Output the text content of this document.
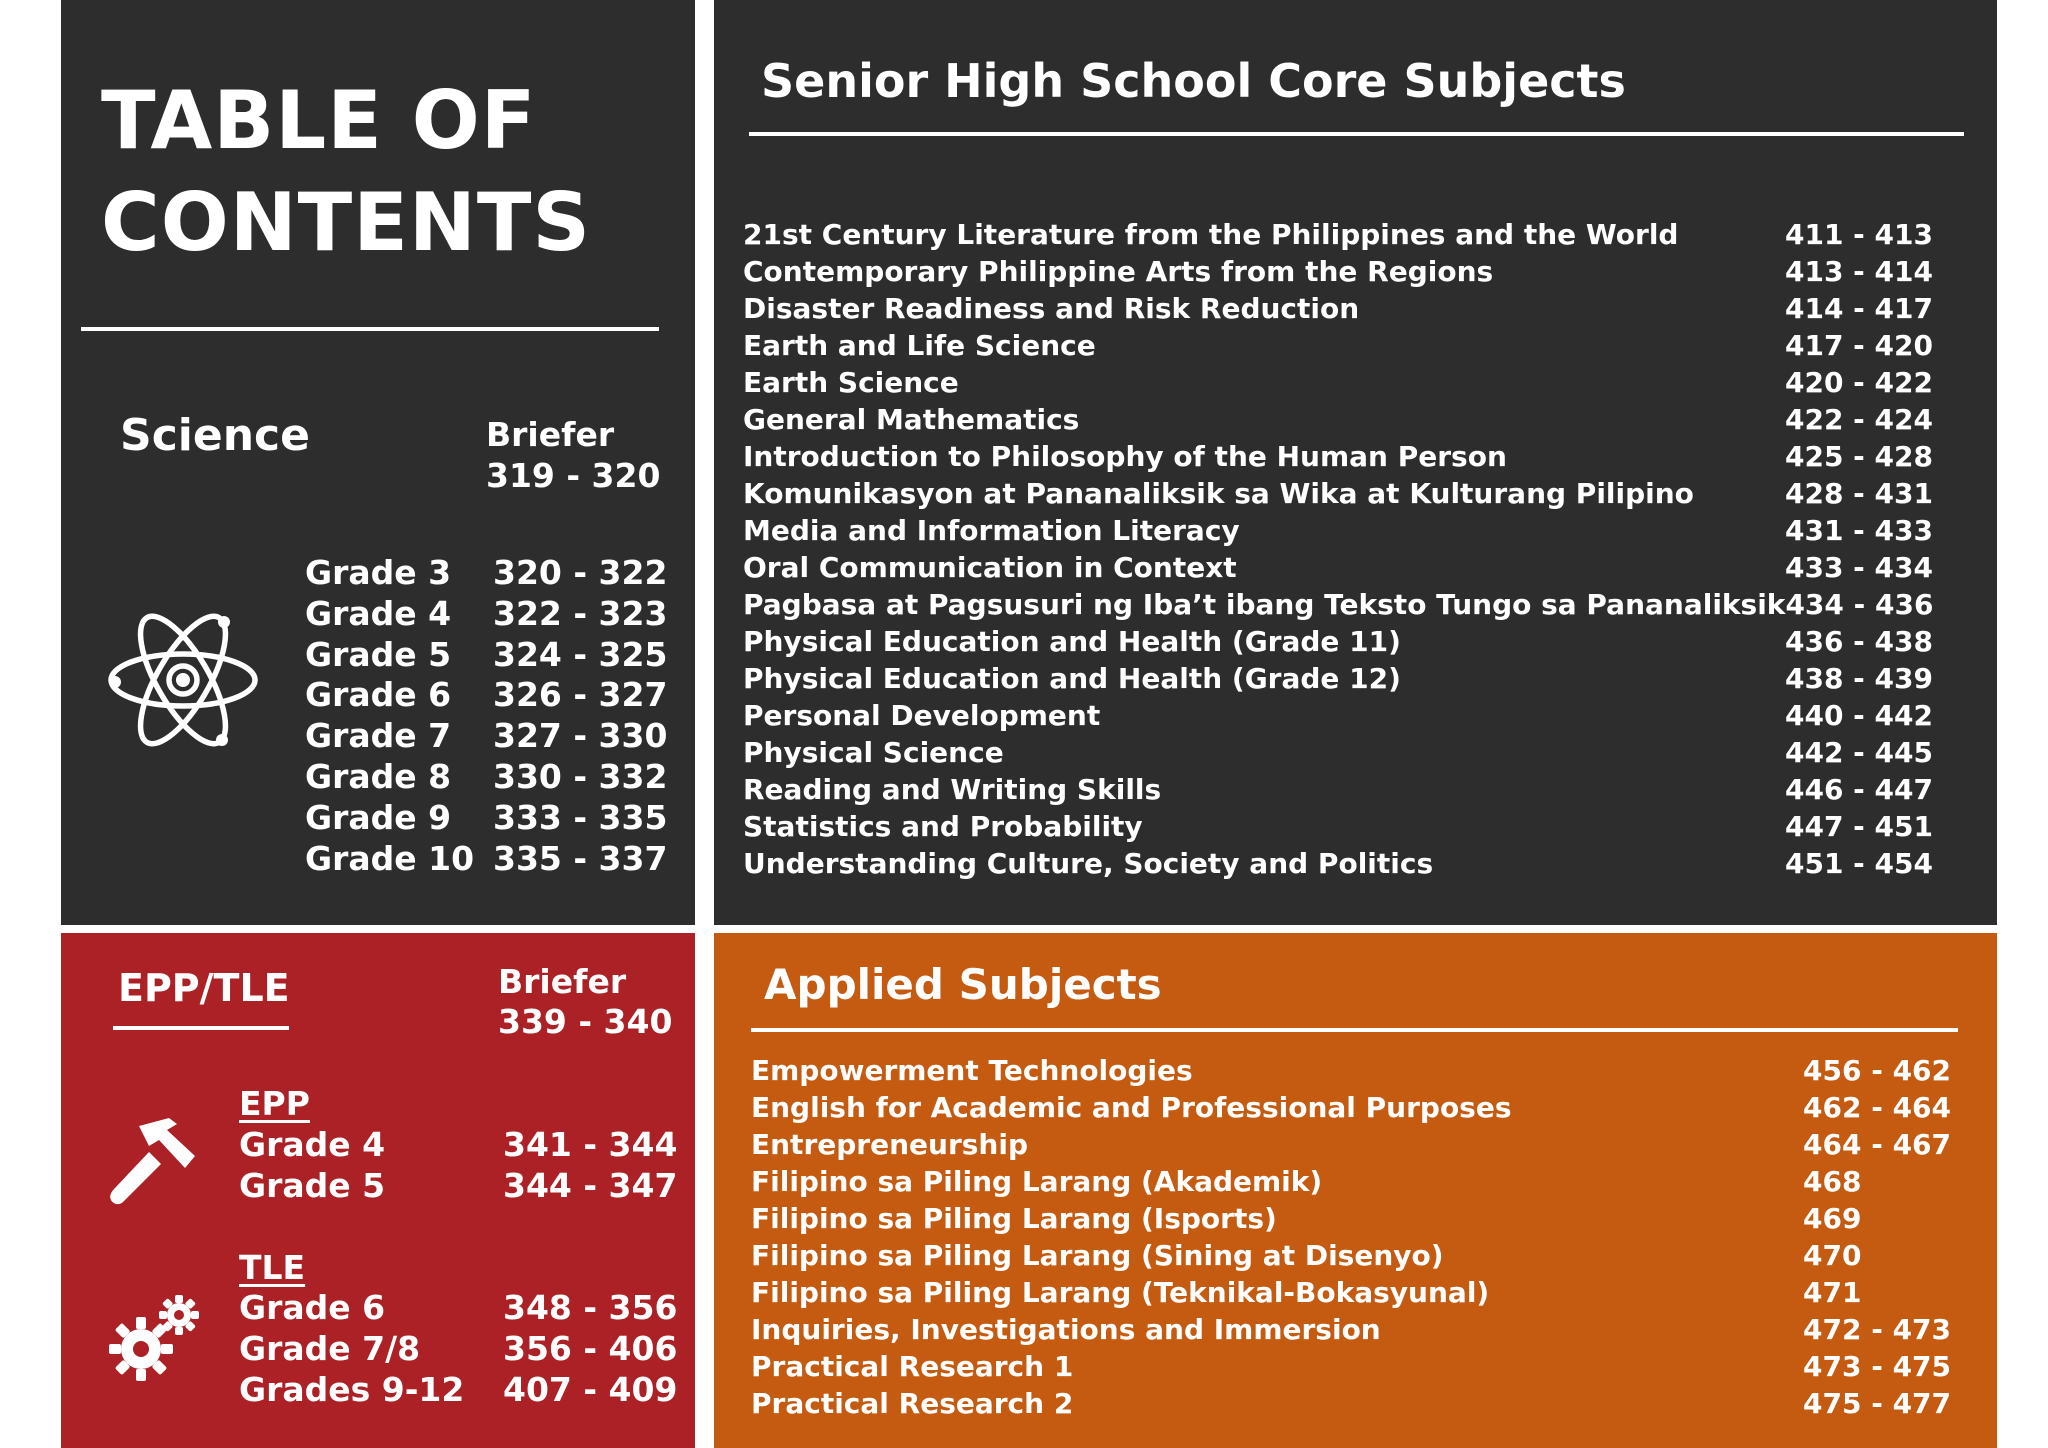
TABLE OF
CONTENTS
Science	Briefer
319 - 320
Grade 3	320 - 322
Grade 4	322 - 323
Grade 5	324 - 325
Grade 6	326 - 327
Grade 7	327 - 330
Grade 8	330 - 332
Grade 9	333 - 335
Grade 10 335 - 337
Senior High School Core Subjects
21st Century Literature from the Philippines and the World	411 - 413
Contemporary Philippine Arts from the Regions	413 - 414
Disaster Readiness and Risk Reduction	414 - 417
Earth and Life Science	417 - 420
Earth Science	420 - 422
General Mathematics	422 - 424
Introduction to Philosophy of the Human Person	425 - 428
Komunikasyon at Pananaliksik sa Wika at Kulturang Pilipino	428 - 431
Media and Information Literacy	431 - 433
Oral Communication in Context	433 - 434
Pagbasa at Pagsusuri ng Iba’t ibang Teksto Tungo sa Pananaliksik 434 - 436
Physical Education and Health (Grade 11)	436 - 438
Physical Education and Health (Grade 12)	438 - 439
Personal Development	440 - 442
Physical Science	442 - 445
Reading and Writing Skills	446 - 447
Statistics and Probability	447 - 451
Understanding Culture, Society and Politics	451 - 454
EPP/TLE	Briefer
339 - 340
EPP
Grade 4	341 - 344
Grade 5	344 - 347
TLE
Grade 6	348 - 356
Grade 7/8	356 - 406
Grades 9-12	407 - 409
Applied Subjects
Empowerment Technologies	456 - 462
English for Academic and Professional Purposes	462 - 464
Entrepreneurship	464 - 467
Filipino sa Piling Larang (Akademik)	468
Filipino sa Piling Larang (Isports)	469
Filipino sa Piling Larang (Sining at Disenyo)	470
Filipino sa Piling Larang (Teknikal-Bokasyunal)	471
Inquiries, Investigations and Immersion	472 - 473
Practical Research 1	473 - 475
Practical Research 2	475 - 477
